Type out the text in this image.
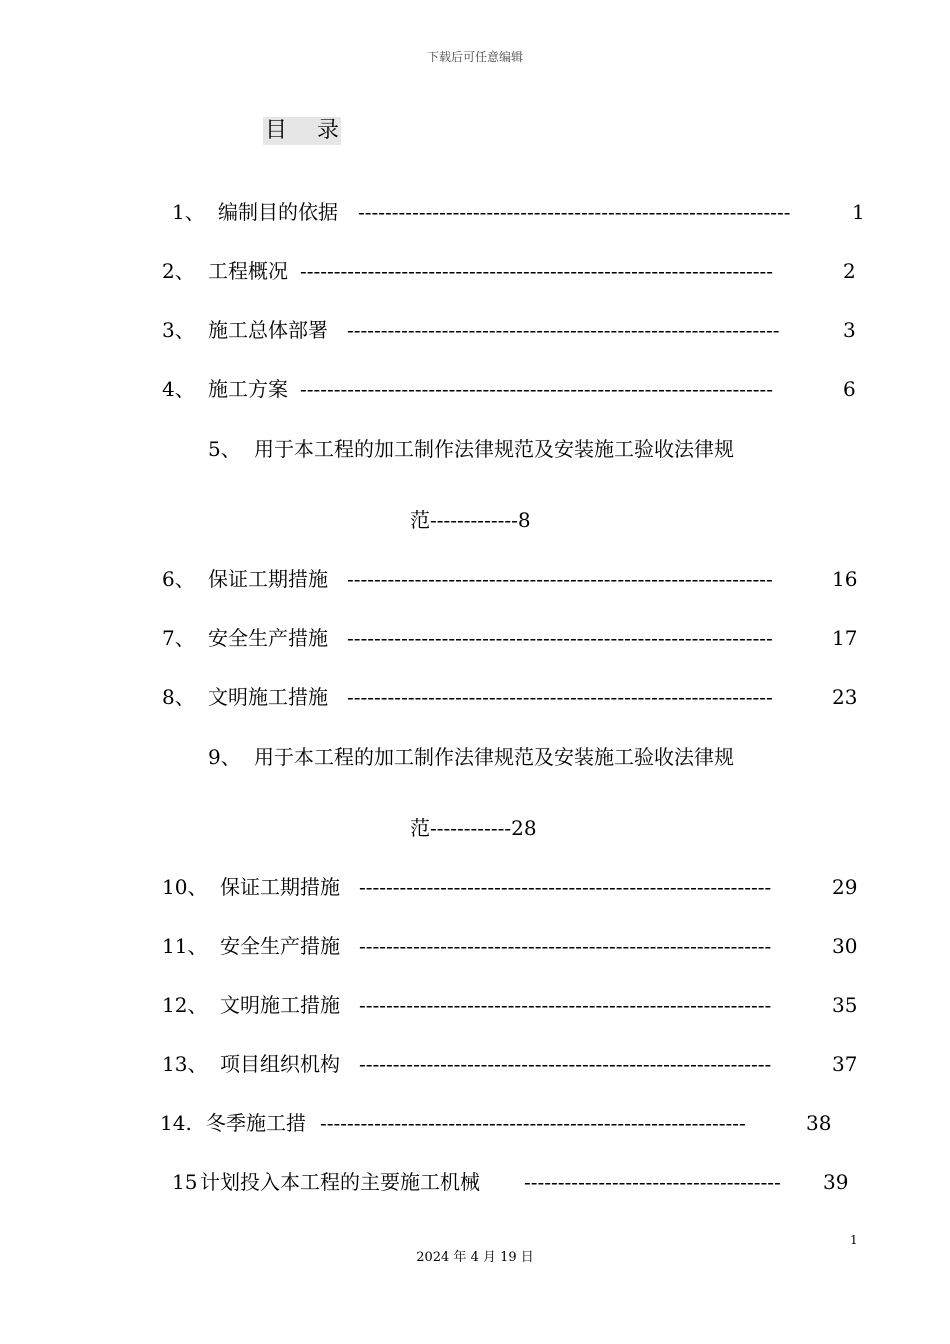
下载后可任意编辑
目 录
1、 编制目的依据	----------------------------------------------------------------	1
2、 工程概况 ----------------------------------------------------------------------	2
3、 施工总体部署 ----------------------------------------------------------------	3
4、 施工方案 ----------------------------------------------------------------------	6
5、 用于本工程的加工制作法律规范及安装施工验收法律规
范-------------8
6、 保证工期措施 ---------------------------------------------------------------	16
7、 安全生产措施 ---------------------------------------------------------------	17
8、 文明施工措施 ---------------------------------------------------------------	23
9、 用于本工程的加工制作法律规范及安装施工验收法律规
范------------28
10、 保证工期措施 -------------------------------------------------------------	29
11、 安全生产措施 -------------------------------------------------------------	30
12、 文明施工措施 -------------------------------------------------------------	35
13、 项目组织机构 -------------------------------------------------------------	37
14. 冬季施工措 ---------------------------------------------------------------	38
15 计划投入本工程的主要施工机械 --------------------------------------	39
1
2024 年 4 月 19 日
